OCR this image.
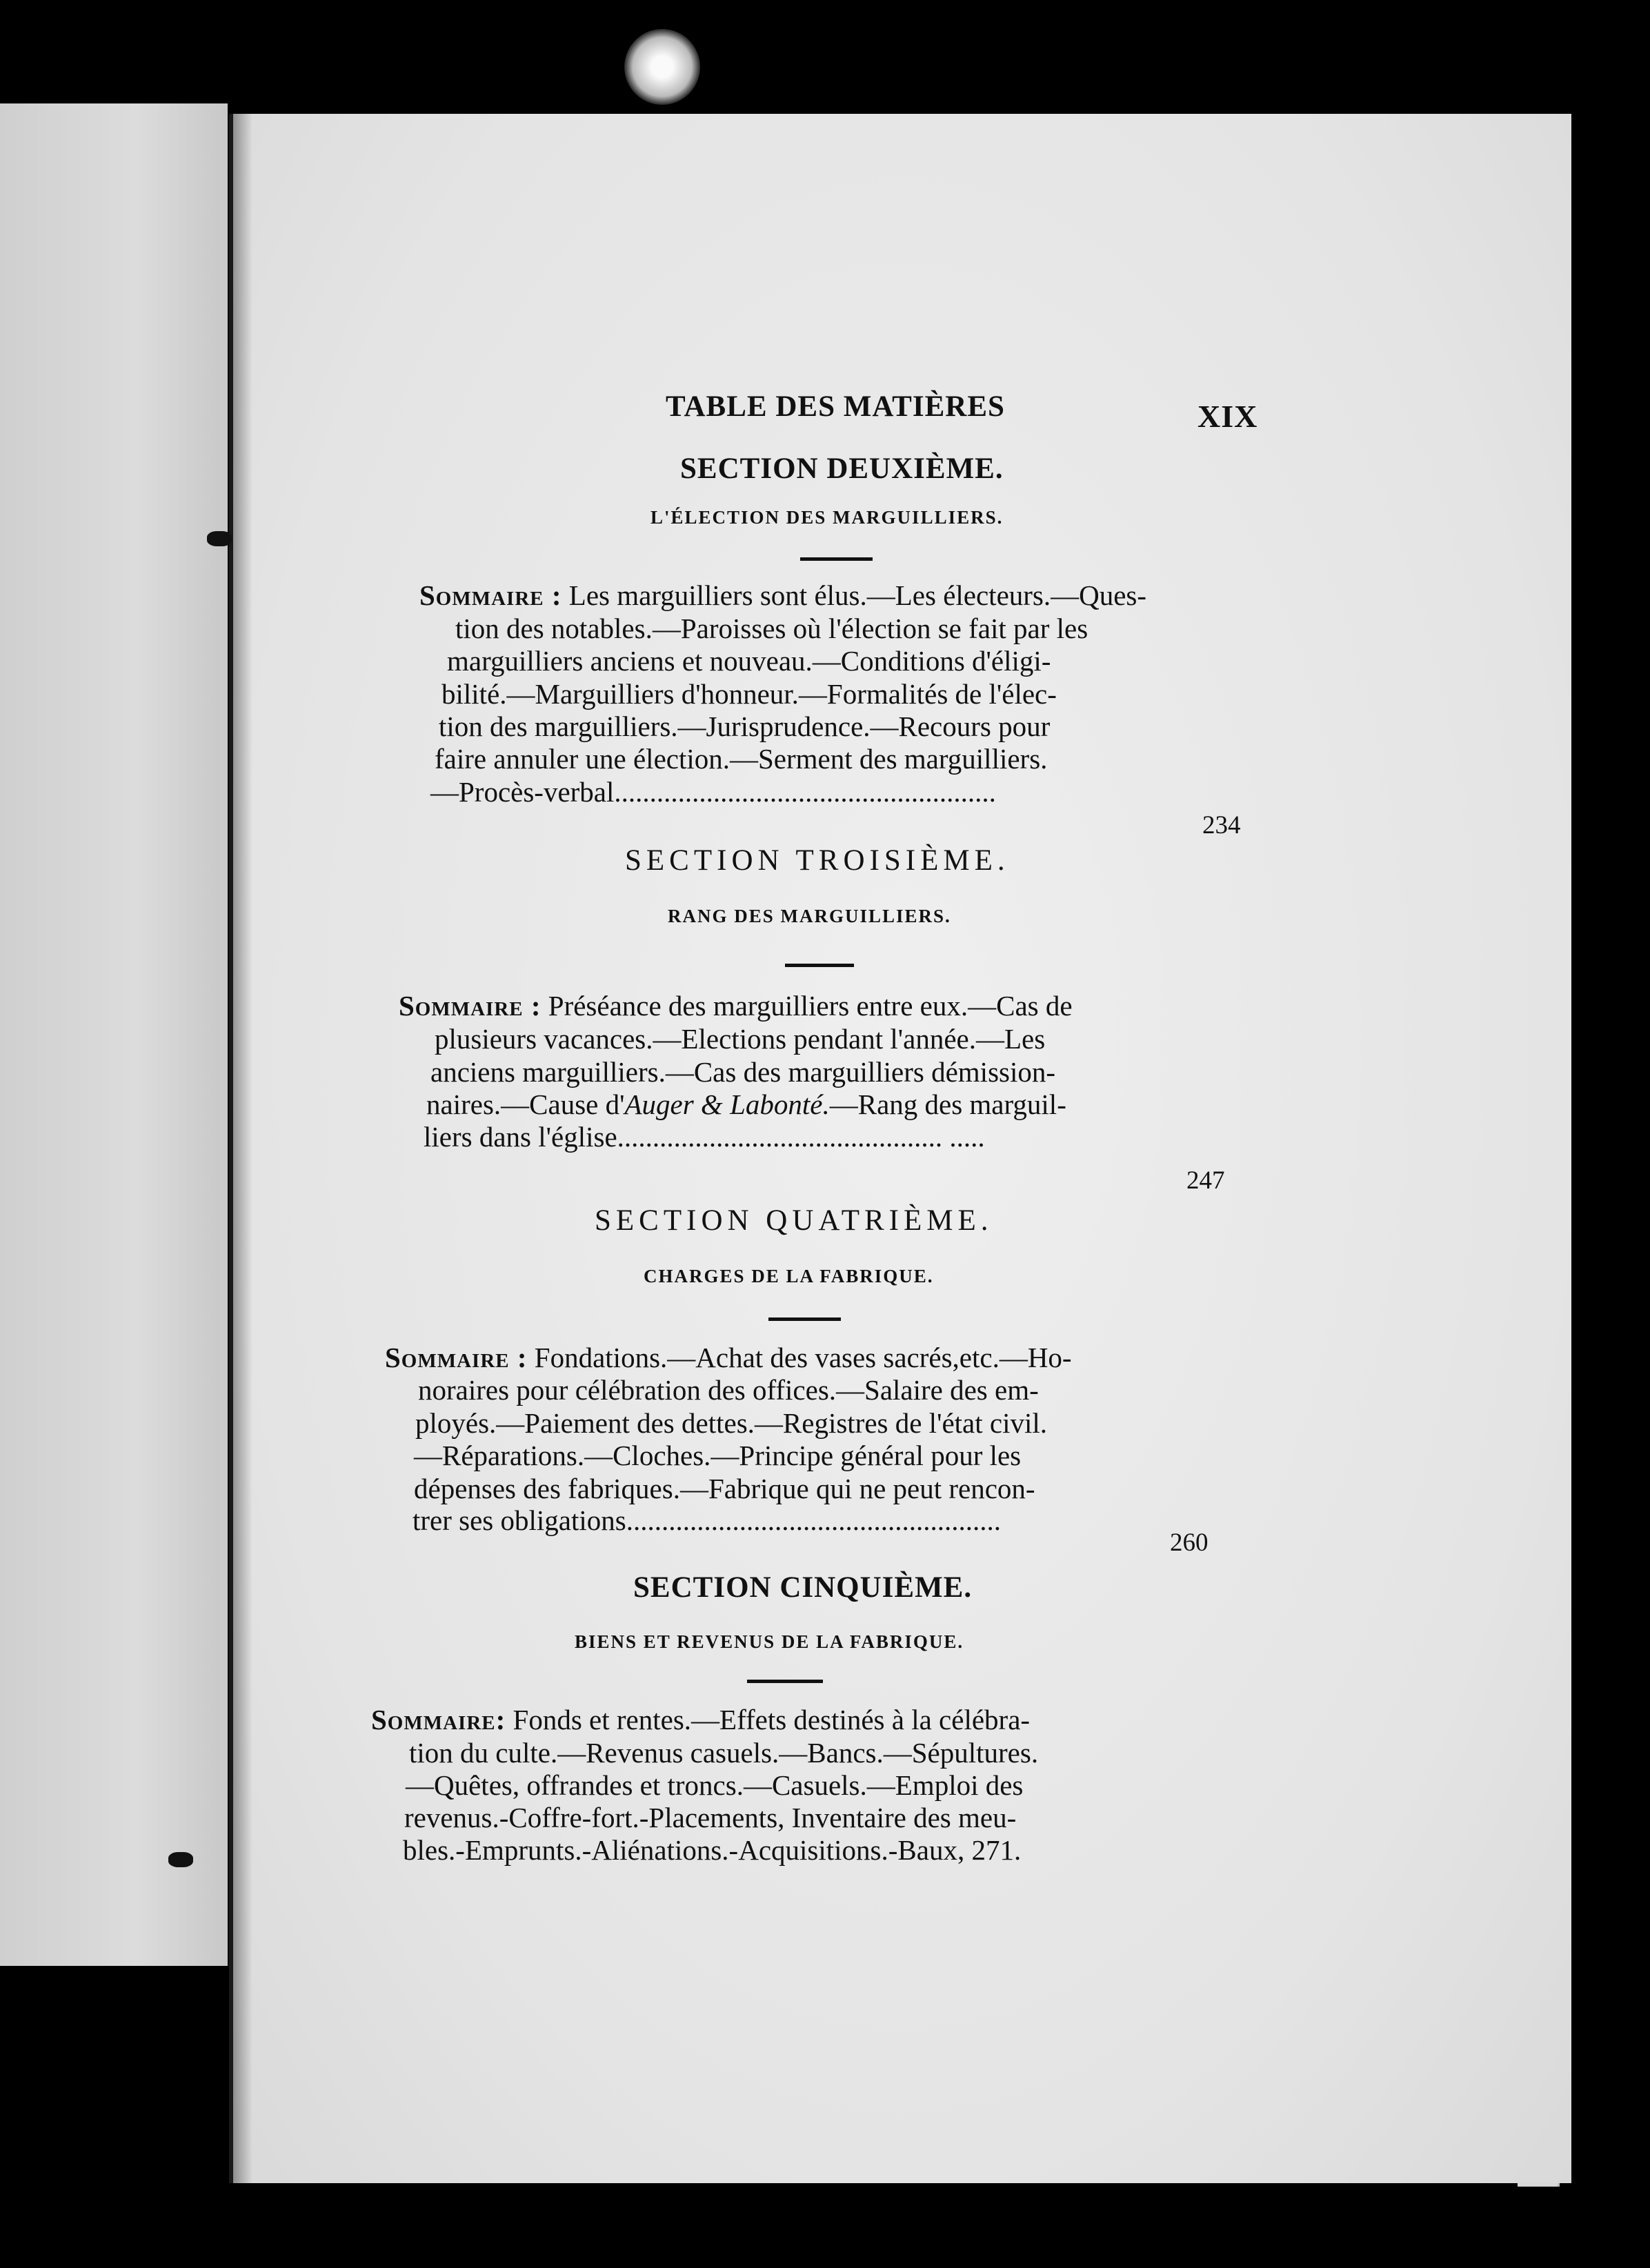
TABLE DES MATIÈRES	XIX
SECTION DEUXIÈME.
L'ÉLECTION DES MARGUILLIERS.
Sommaire : Les marguilliers sont élus.—Les électeurs.—Ques-
tion des notables.—Paroisses où l'élection se fait par les
marguilliers anciens et nouveau.—Conditions d'éligi-
bilité.—Marguilliers d'honneur.—Formalités de l'élec-
tion des marguilliers.—Jurisprudence.—Recours pour
faire annuler une élection.—Serment des marguilliers.
—Procès-verbal......................................................
234
SECTION TROISIÈME.
RANG DES MARGUILLIERS.
Sommaire : Préséance des marguilliers entre eux.—Cas de
plusieurs vacances.—Elections pendant l'année.—Les
anciens marguilliers.—Cas des marguilliers démission-
naires.—Cause d'Auger & Labonté.—Rang des marguil-
liers dans l'église.............................................. .....
247
SECTION QUATRIÈME.
CHARGES DE LA FABRIQUE.
Sommaire : Fondations.—Achat des vases sacrés,etc.—Ho-
noraires pour célébration des offices.—Salaire des em-
ployés.—Paiement des dettes.—Registres de l'état civil.
—Réparations.—Cloches.—Principe général pour les
dépenses des fabriques.—Fabrique qui ne peut rencon-
trer ses obligations.....................................................
260
SECTION CINQUIÈME.
BIENS ET REVENUS DE LA FABRIQUE.
Sommaire: Fonds et rentes.—Effets destinés à la célébra-
tion du culte.—Revenus casuels.—Bancs.—Sépultures.
—Quêtes, offrandes et troncs.—Casuels.—Emploi des
revenus.-Coffre-fort.-Placements, Inventaire des meu-
bles.-Emprunts.-Aliénations.-Acquisitions.-Baux, 271.
